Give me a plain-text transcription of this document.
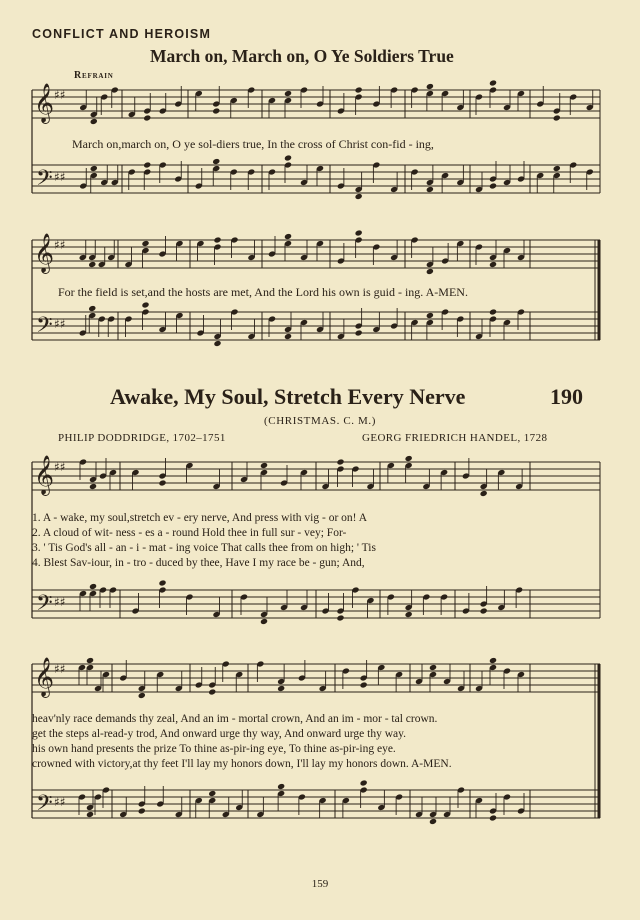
𝄞
𝄢
♯♯
♯♯
𝄞
𝄢
♯♯
♯♯
𝄞
𝄢
♯♯
♯♯
𝄞
𝄢
♯♯
♯♯
CONFLICT AND HEROISM
March on, March on, O Ye Soldiers True
Refrain
March on,march on, O ye sol-diers true, In the cross of Christ con-fid - ing,
For the field is set,and the hosts are met, And the Lord his own is guid - ing. A-MEN.
Awake, My Soul, Stretch Every Nerve	190
(CHRISTMAS. C. M.)
PHILIP DODDRIDGE, 1702–1751	GEORG FRIEDRICH HANDEL, 1728
1. A - wake, my soul,stretch ev - ery nerve, And press with vig - or on! A
2. A cloud of wit- ness - es a - round Hold thee in full sur - vey; For-
3. ' Tis God's all - an - i - mat - ing voice That calls thee from on high; ' Tis
4. Blest Sav-iour, in - tro - duced by thee, Have I my race be - gun; And,
heav'nly race demands thy zeal, And an im - mortal crown, And an im - mor - tal crown.
get the steps al-read-y trod, And onward urge thy way, And onward urge thy way.
his own hand presents the prize To thine as-pir-ing eye, To thine as-pir-ing eye.
crowned with victory,at thy feet I'll lay my honors down, I'll lay my honors down. A-MEN.
159
